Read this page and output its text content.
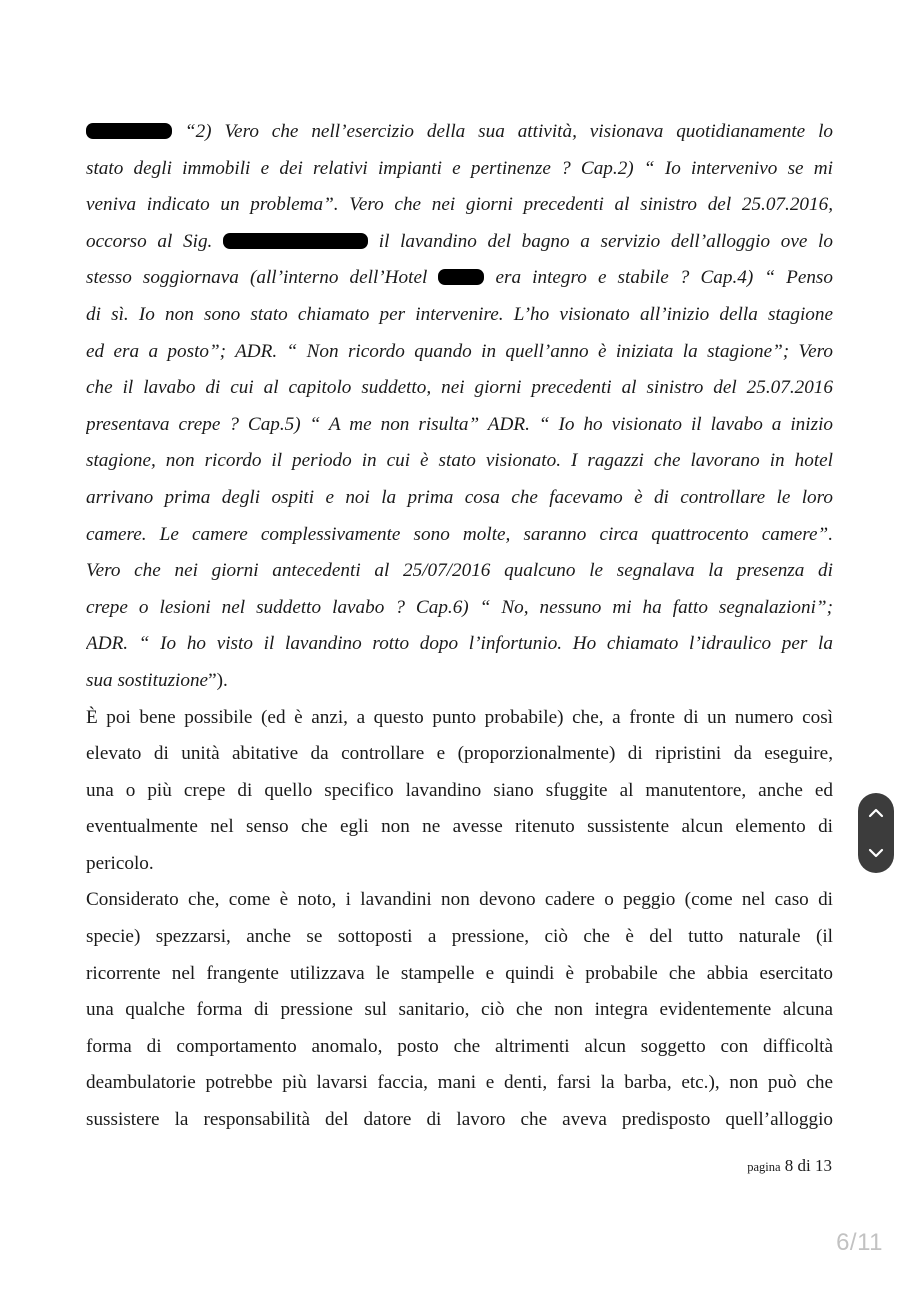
“2) Vero che nell’esercizio della sua attività, visionava quotidianamente lo
stato degli immobili e dei relativi impianti e pertinenze ? Cap.2) “ Io intervenivo se mi
veniva indicato un problema”. Vero che nei giorni precedenti al sinistro del 25.07.2016,
occorso al Sig.	il lavandino del bagno a servizio dell’alloggio ove lo
stesso soggiornava (all’interno dell’Hotel  era integro e stabile ? Cap.4) “ Penso
di sì. Io non sono stato chiamato per intervenire. L’ho visionato all’inizio della stagione
ed era a posto”; ADR. “ Non ricordo quando in quell’anno è iniziata la stagione”; Vero
che il lavabo di cui al capitolo suddetto, nei giorni precedenti al sinistro del 25.07.2016
presentava crepe ? Cap.5) “ A me non risulta” ADR. “ Io ho visionato il lavabo a inizio
stagione, non ricordo il periodo in cui è stato visionato. I ragazzi che lavorano in hotel
arrivano prima degli ospiti e noi la prima cosa che facevamo è di controllare le loro
camere. Le camere complessivamente sono molte, saranno circa quattrocento camere”.
Vero che nei giorni antecedenti al 25/07/2016 qualcuno le segnalava la presenza di
crepe o lesioni nel suddetto lavabo ? Cap.6) “ No, nessuno mi ha fatto segnalazioni”;
ADR. “ Io ho visto il lavandino rotto dopo l’infortunio. Ho chiamato l’idraulico per la
sua sostituzione”).
È poi bene possibile (ed è anzi, a questo punto probabile) che, a fronte di un numero così
elevato di unità abitative da controllare e (proporzionalmente) di ripristini da eseguire,
una o più crepe di quello specifico lavandino siano sfuggite al manutentore, anche ed
eventualmente nel senso che egli non ne avesse ritenuto sussistente alcun elemento di
pericolo.
Considerato che, come è noto, i lavandini non devono cadere o peggio (come nel caso di
specie) spezzarsi, anche se sottoposti a pressione, ciò che è del tutto naturale (il
ricorrente nel frangente utilizzava le stampelle e quindi è probabile che abbia esercitato
una qualche forma di pressione sul sanitario, ciò che non integra evidentemente alcuna
forma di comportamento anomalo, posto che altrimenti alcun soggetto con difficoltà
deambulatorie potrebbe più lavarsi faccia, mani e denti, farsi la barba, etc.), non può che
sussistere la responsabilità del datore di lavoro che aveva predisposto quell’alloggio
pagina 8 di 13
6/11
